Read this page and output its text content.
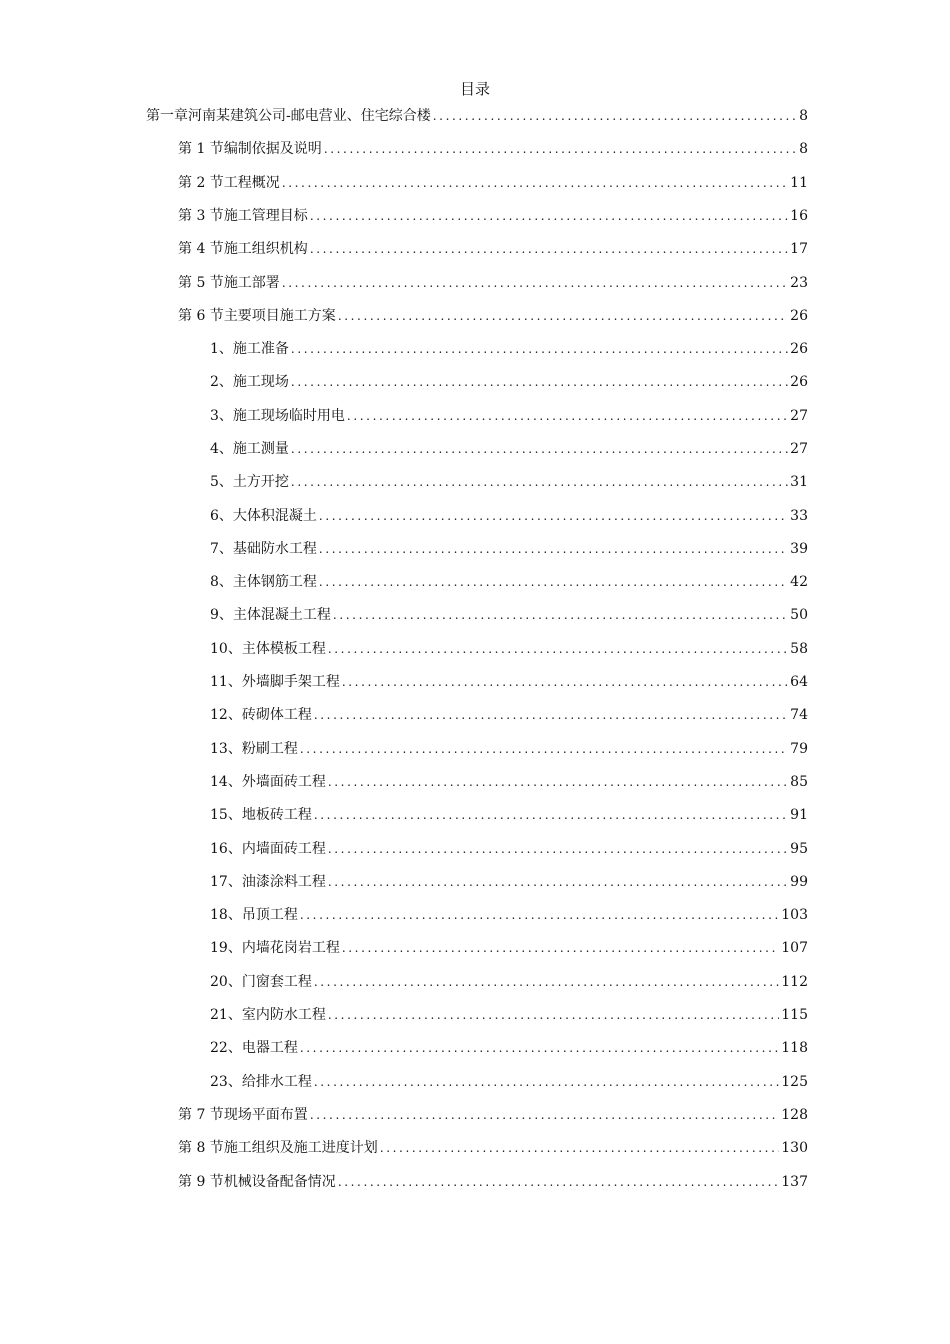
目录
第一章 河南某建筑公司-邮电营业、住宅综合楼 .....	8
第 1 节 编制依据及说明 .....	8
第 2 节 工程概况 .....	11
第 3 节 施工管理目标 .....	16
第 4 节 施工组织机构 .....	17
第 5 节 施工部署 .....	23
第 6 节 主要项目施工方案 .....	26
1、 施工准备 .....	26
2、 施工现场 .....	26
3、 施工现场临时用电 .....	27
4、 施工测量 .....	27
5、 土方开挖 .....	31
6、 大体积混凝土 .....	33
7、 基础防水工程 .....	39
8、 主体钢筋工程 .....	42
9、 主体混凝土工程 .....	50
10、 主体模板工程 .....	58
11、 外墙脚手架工程 .....	64
12、 砖砌体工程 .....	74
13、 粉刷工程 .....	79
14、 外墙面砖工程 .....	85
15、 地板砖工程 .....	91
16、 内墙面砖工程 .....	95
17、 油漆涂料工程 .....	99
18、 吊顶工程 .....	103
19、 内墙花岗岩工程 .....	107
20、 门窗套工程 .....	112
21、 室内防水工程 .....	115
22、 电器工程 .....	118
23、 给排水工程 .....	125
第 7 节 现场平面布置 .....	128
第 8 节 施工组织及施工进度计划 .....	130
第 9 节 机械设备配备情况 .....	137
